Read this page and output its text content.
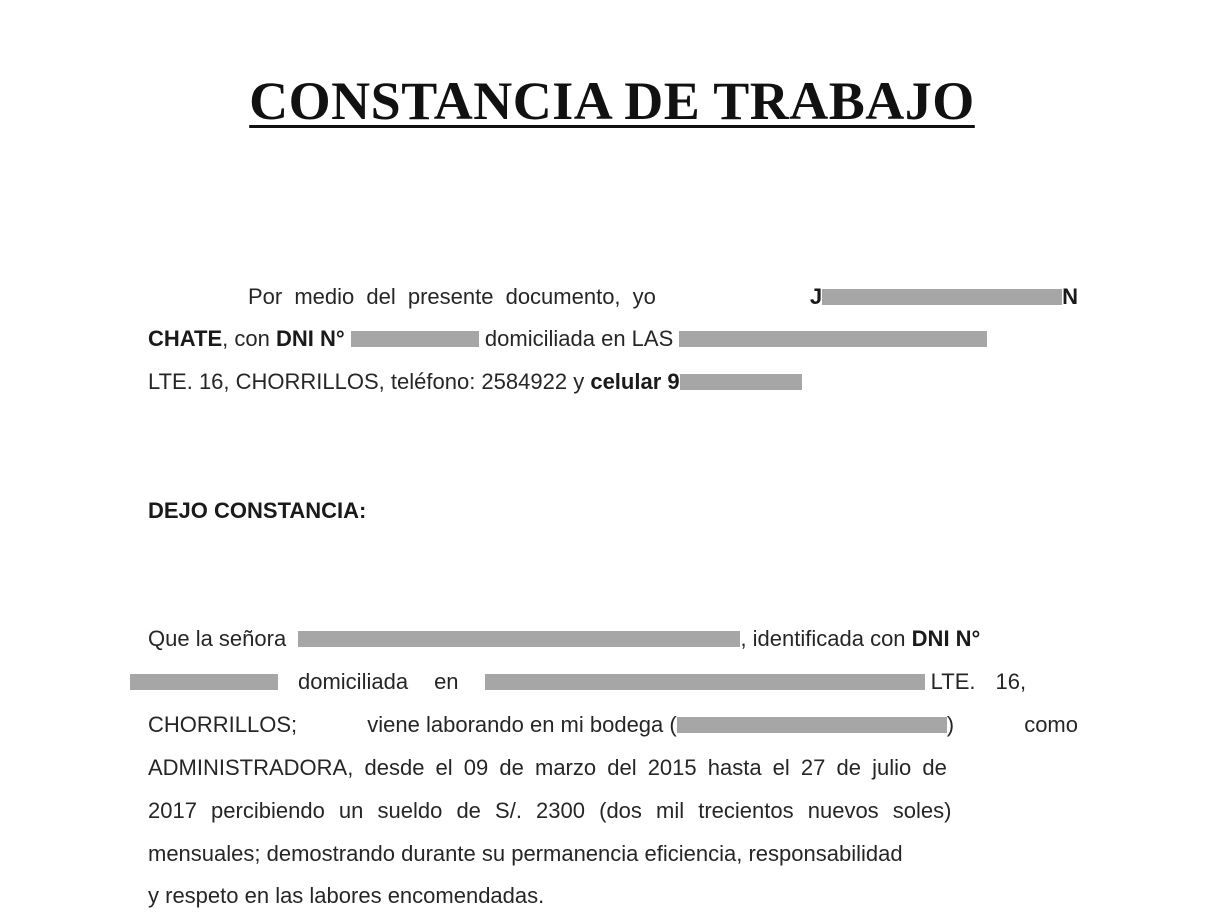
CONSTANCIA DE TRABAJO
Por medio del presente documento, yo	J	N
CHATE , con
DNI N°

	domiciliada en LAS

LTE. 16, CHORRILLOS,
teléfono: 2584922
y
celular 9
DEJO CONSTANCIA:
Que la señora
	, identificada con
DNI N°
domiciliada en
	LTE. 16,
CHORRILLOS;	viene laborando en mi bodega (	)	como
ADMINISTRADORA,
desde el
09
de marzo del 2015 hasta el 27 de julio de
2017 percibiendo un sueldo de
S/. 2300
(dos mil trecientos nuevos soles)
mensuales; demostrando durante su permanencia eficiencia, responsabilidad
y respeto en las labores encomendadas.
